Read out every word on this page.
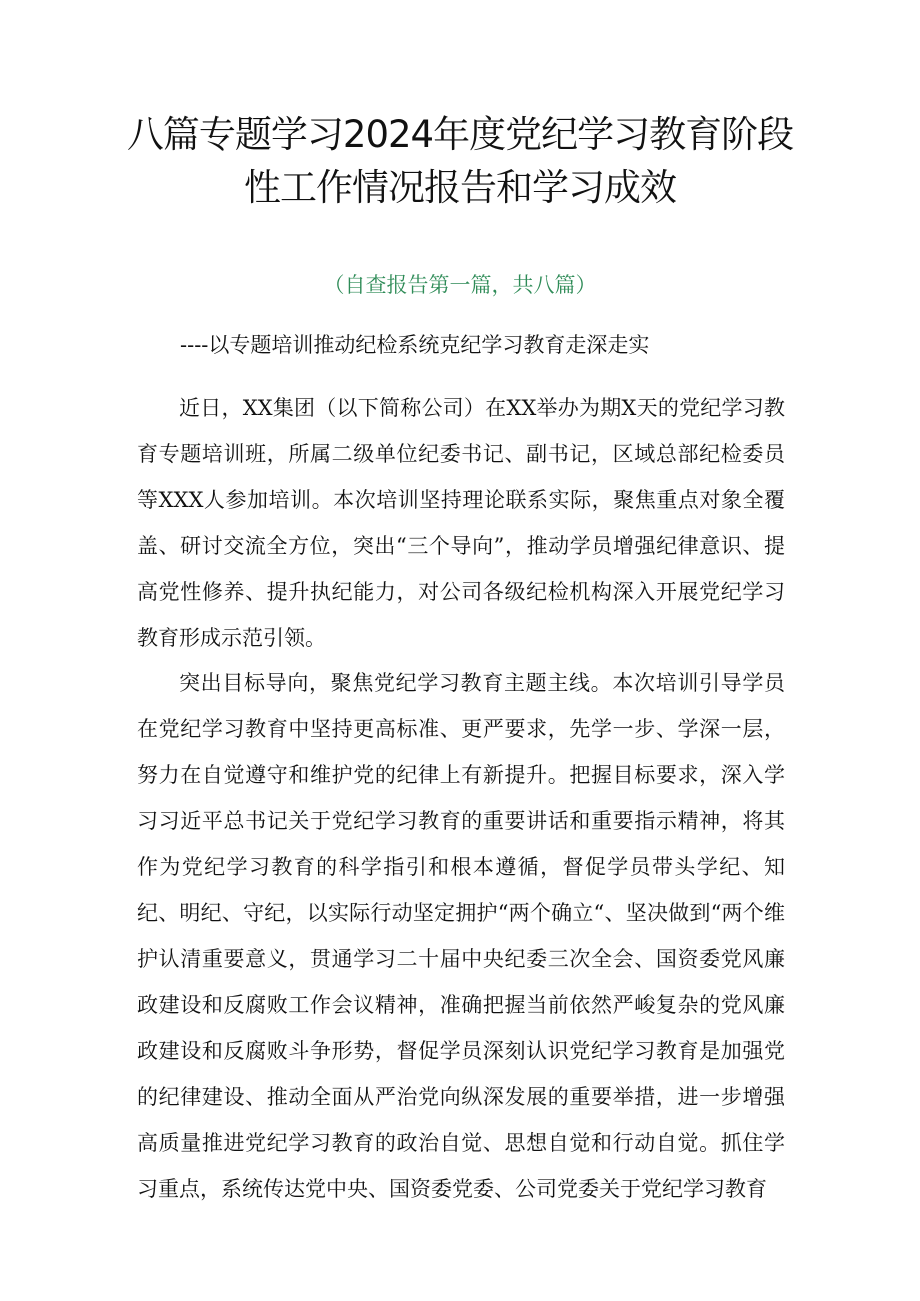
八篇专题学习2024年度党纪学习教育阶段
性工作情况报告和学习成效

（自查报告第一篇，共八篇）

----以专题培训推动纪检系统克纪学习教育走深走实

近日，XX集团（以下简称公司）在XX举办为期X天的党纪学习教育专题培训班，所属二级单位纪委书记、副书记，区域总部纪检委员等XXX人参加培训。本次培训坚持理论联系实际，聚焦重点对象全覆盖、研讨交流全方位，突出“三个导向”，推动学员增强纪律意识、提高党性修养、提升执纪能力，对公司各级纪检机构深入开展党纪学习教育形成示范引领。

突出目标导向，聚焦党纪学习教育主题主线。本次培训引导学员在党纪学习教育中坚持更高标准、更严要求，先学一步、学深一层，努力在自觉遵守和维护党的纪律上有新提升。把握目标要求，深入学习习近平总书记关于党纪学习教育的重要讲话和重要指示精神，将其作为党纪学习教育的科学指引和根本遵循，督促学员带头学纪、知纪、明纪、守纪，以实际行动坚定拥护“两个确立“、坚决做到“两个维护认清重要意义，贯通学习二十届中央纪委三次全会、国资委党风廉政建设和反腐败工作会议精神，准确把握当前依然严峻复杂的党风廉政建设和反腐败斗争形势，督促学员深刻认识党纪学习教育是加强党的纪律建设、推动全面从严治党向纵深发展的重要举措，进一步增强高质量推进党纪学习教育的政治自觉、思想自觉和行动自觉。抓住学习重点，系统传达党中央、国资委党委、公司党委关于党纪学习教育
